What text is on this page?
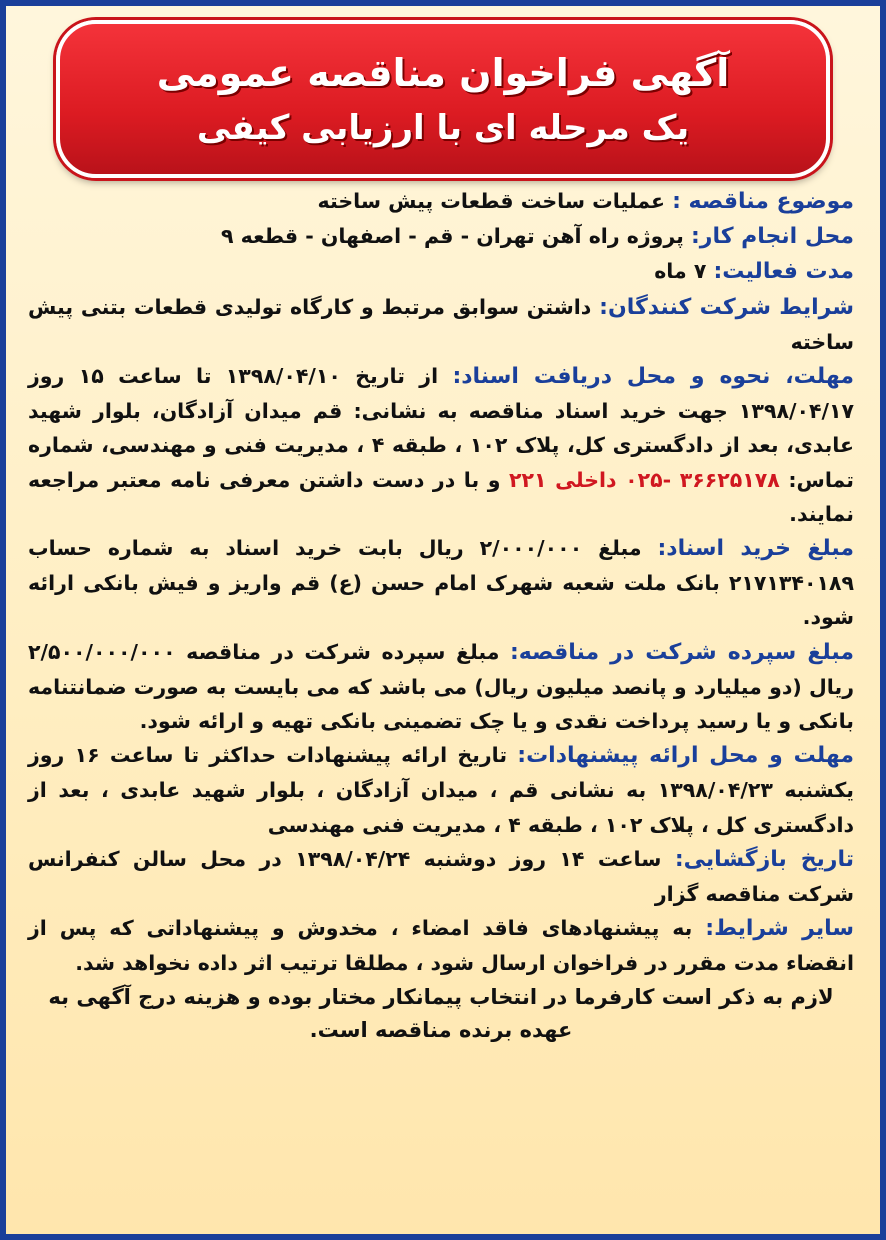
آگهی فراخوان مناقصه عمومی
یک مرحله ای با ارزیابی کیفی

موضوع مناقصه : عملیات ساخت قطعات پیش ساخته

محل انجام کار: پروژه راه آهن تهران - قم - اصفهان - قطعه ۹

مدت فعالیت: ۷ ماه

شرایط شرکت کنندگان: داشتن سوابق مرتبط و کارگاه تولیدی قطعات بتنی پیش ساخته

مهلت، نحوه و محل دریافت اسناد: از تاریخ ۱۳۹۸/۰۴/۱۰ تا ساعت ۱۵ روز ۱۳۹۸/۰۴/۱۷ جهت خرید اسناد مناقصه به نشانی: قم میدان آزادگان، بلوار شهید عابدی، بعد از دادگستری کل، پلاک ۱۰۲ ، طبقه ۴ ، مدیریت فنی و مهندسی، شماره تماس: ۳۶۶۲۵۱۷۸ -۰۲۵ داخلی ۲۲۱ و با در دست داشتن معرفی نامه معتبر مراجعه نمایند.

مبلغ خرید اسناد: مبلغ ۲/۰۰۰/۰۰۰ ریال بابت خرید اسناد به شماره حساب ۲۱۷۱۳۴۰۱۸۹ بانک ملت شعبه شهرک امام حسن (ع) قم واریز و فیش بانکی ارائه شود.

مبلغ سپرده شرکت در مناقصه: مبلغ سپرده شرکت در مناقصه ۲/۵۰۰/۰۰۰/۰۰۰ ریال (دو میلیارد و پانصد میلیون ریال) می باشد که می بایست به صورت ضمانتنامه بانکی و یا رسید پرداخت نقدی و یا چک تضمینی بانکی تهیه و ارائه شود.

مهلت و محل ارائه پیشنهادات: تاریخ ارائه پیشنهادات حداکثر تا ساعت ۱۶ روز یکشنبه ۱۳۹۸/۰۴/۲۳ به نشانی قم ، میدان آزادگان ، بلوار شهید عابدی ، بعد از دادگستری کل ، پلاک ۱۰۲ ، طبقه ۴ ، مدیریت فنی مهندسی

تاریخ بازگشایی: ساعت ۱۴ روز دوشنبه ۱۳۹۸/۰۴/۲۴ در محل سالن کنفرانس شرکت مناقصه گزار

سایر شرایط: به پیشنهادهای فاقد امضاء ، مخدوش و پیشنهاداتی که پس از انقضاء مدت مقرر در فراخوان ارسال شود ، مطلقا ترتیب اثر داده نخواهد شد.

لازم به ذکر است کارفرما در انتخاب پیمانکار مختار بوده و هزینه درج آگهی به عهده برنده مناقصه است.
